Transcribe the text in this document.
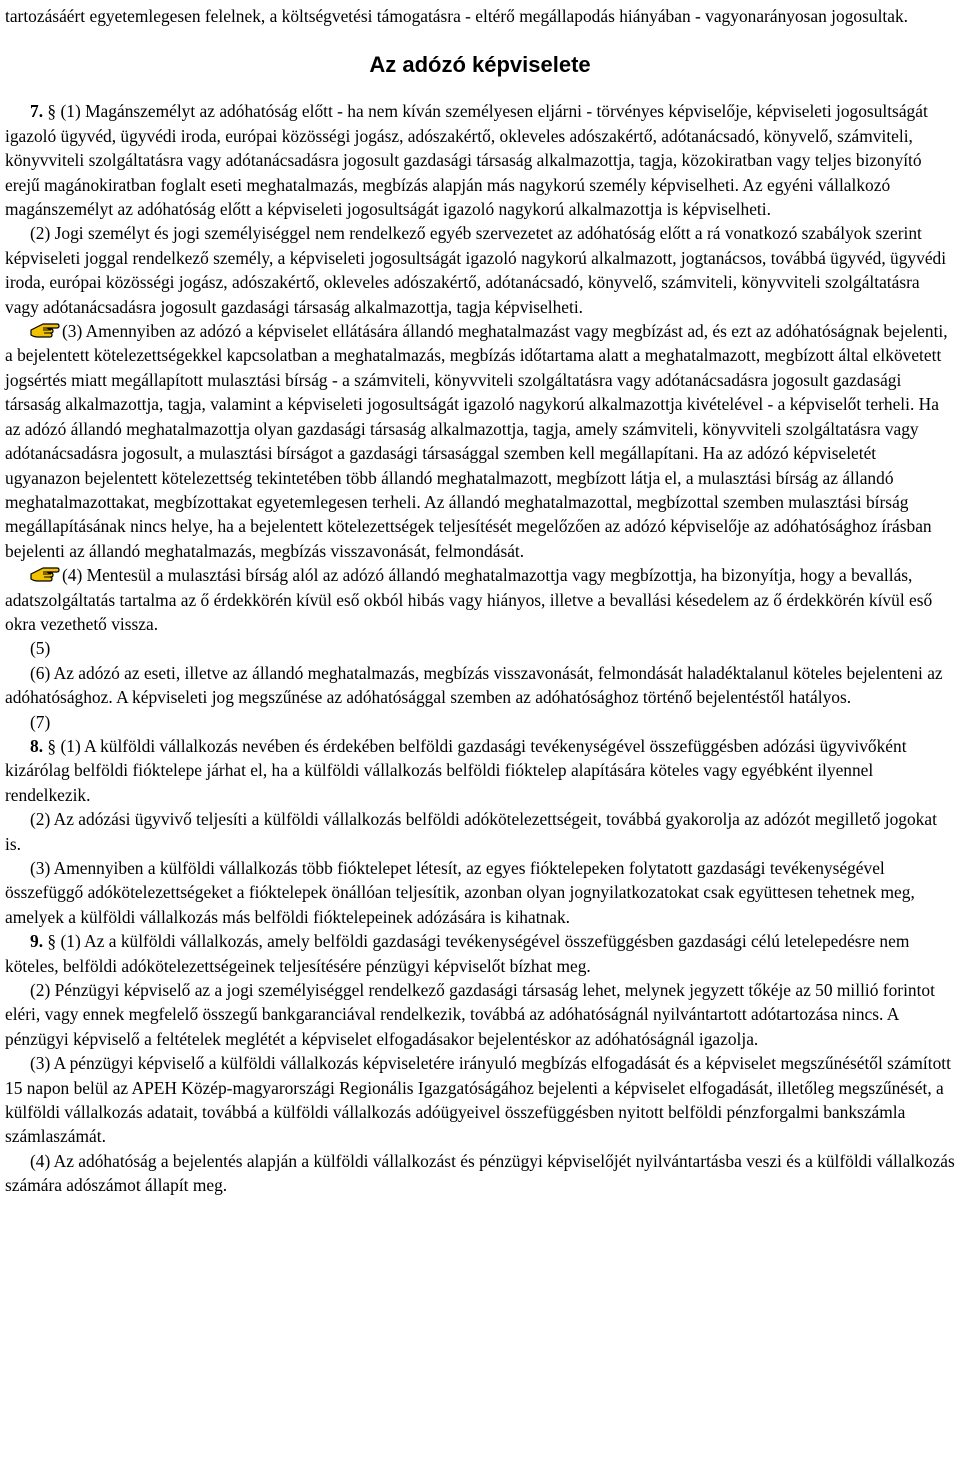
tartozásáért egyetemlegesen felelnek, a költségvetési támogatásra - eltérő megállapodás hiányában - vagyonarányosan jogosultak.

Az adózó képviselete

7. § (1) Magánszemélyt az adóhatóság előtt - ha nem kíván személyesen eljárni - törvényes képviselője, képviseleti jogosultságát igazoló ügyvéd, ügyvédi iroda, európai közösségi jogász, adószakértő, okleveles adószakértő, adótanácsadó, könyvelő, számviteli, könyvviteli szolgáltatásra vagy adótanácsadásra jogosult gazdasági társaság alkalmazottja, tagja, közokiratban vagy teljes bizonyító erejű magánokiratban foglalt eseti meghatalmazás, megbízás alapján más nagykorú személy képviselheti. Az egyéni vállalkozó magánszemélyt az adóhatóság előtt a képviseleti jogosultságát igazoló nagykorú alkalmazottja is képviselheti.

(2) Jogi személyt és jogi személyiséggel nem rendelkező egyéb szervezetet az adóhatóság előtt a rá vonatkozó szabályok szerint képviseleti joggal rendelkező személy, a képviseleti jogosultságát igazoló nagykorú alkalmazott, jogtanácsos, továbbá ügyvéd, ügyvédi iroda, európai közösségi jogász, adószakértő, okleveles adószakértő, adótanácsadó, könyvelő, számviteli, könyvviteli szolgáltatásra vagy adótanácsadásra jogosult gazdasági társaság alkalmazottja, tagja képviselheti.

(3) Amennyiben az adózó a képviselet ellátására állandó meghatalmazást vagy megbízást ad, és ezt az adóhatóságnak bejelenti, a bejelentett kötelezettségekkel kapcsolatban a meghatalmazás, megbízás időtartama alatt a meghatalmazott, megbízott által elkövetett jogsértés miatt megállapított mulasztási bírság - a számviteli, könyvviteli szolgáltatásra vagy adótanácsadásra jogosult gazdasági társaság alkalmazottja, tagja, valamint a képviseleti jogosultságát igazoló nagykorú alkalmazottja kivételével - a képviselőt terheli. Ha az adózó állandó meghatalmazottja olyan gazdasági társaság alkalmazottja, tagja, amely számviteli, könyvviteli szolgáltatásra vagy adótanácsadásra jogosult, a mulasztási bírságot a gazdasági társasággal szemben kell megállapítani. Ha az adózó képviseletét ugyanazon bejelentett kötelezettség tekintetében több állandó meghatalmazott, megbízott látja el, a mulasztási bírság az állandó meghatalmazottakat, megbízottakat egyetemlegesen terheli. Az állandó meghatalmazottal, megbízottal szemben mulasztási bírság megállapításának nincs helye, ha a bejelentett kötelezettségek teljesítését megelőzően az adózó képviselője az adóhatósághoz írásban bejelenti az állandó meghatalmazás, megbízás visszavonását, felmondását.

(4) Mentesül a mulasztási bírság alól az adózó állandó meghatalmazottja vagy megbízottja, ha bizonyítja, hogy a bevallás, adatszolgáltatás tartalma az ő érdekkörén kívül eső okból hibás vagy hiányos, illetve a bevallási késedelem az ő érdekkörén kívül eső okra vezethető vissza.

(5)

(6) Az adózó az eseti, illetve az állandó meghatalmazás, megbízás visszavonását, felmondását haladéktalanul köteles bejelenteni az adóhatósághoz. A képviseleti jog megszűnése az adóhatósággal szemben az adóhatósághoz történő bejelentéstől hatályos.

(7)

8. § (1) A külföldi vállalkozás nevében és érdekében belföldi gazdasági tevékenységével összefüggésben adózási ügyvivőként kizárólag belföldi fióktelepe járhat el, ha a külföldi vállalkozás belföldi fióktelep alapítására köteles vagy egyébként ilyennel rendelkezik.

(2) Az adózási ügyvivő teljesíti a külföldi vállalkozás belföldi adókötelezettségeit, továbbá gyakorolja az adózót megillető jogokat is.

(3) Amennyiben a külföldi vállalkozás több fióktelepet létesít, az egyes fióktelepeken folytatott gazdasági tevékenységével összefüggő adókötelezettségeket a fióktelepek önállóan teljesítik, azonban olyan jognyilatkozatokat csak együttesen tehetnek meg, amelyek a külföldi vállalkozás más belföldi fióktelepeinek adózására is kihatnak.

9. § (1) Az a külföldi vállalkozás, amely belföldi gazdasági tevékenységével összefüggésben gazdasági célú letelepedésre nem köteles, belföldi adókötelezettségeinek teljesítésére pénzügyi képviselőt bízhat meg.

(2) Pénzügyi képviselő az a jogi személyiséggel rendelkező gazdasági társaság lehet, melynek jegyzett tőkéje az 50 millió forintot eléri, vagy ennek megfelelő összegű bankgaranciával rendelkezik, továbbá az adóhatóságnál nyilvántartott adótartozása nincs. A pénzügyi képviselő a feltételek meglétét a képviselet elfogadásakor bejelentéskor az adóhatóságnál igazolja.

(3) A pénzügyi képviselő a külföldi vállalkozás képviseletére irányuló megbízás elfogadását és a képviselet megszűnésétől számított 15 napon belül az APEH Közép-magyarországi Regionális Igazgatóságához bejelenti a képviselet elfogadását, illetőleg megszűnését, a külföldi vállalkozás adatait, továbbá a külföldi vállalkozás adóügyeivel összefüggésben nyitott belföldi pénzforgalmi bankszámla számlaszámát.

(4) Az adóhatóság a bejelentés alapján a külföldi vállalkozást és pénzügyi képviselőjét nyilvántartásba veszi és a külföldi vállalkozás számára adószámot állapít meg.
